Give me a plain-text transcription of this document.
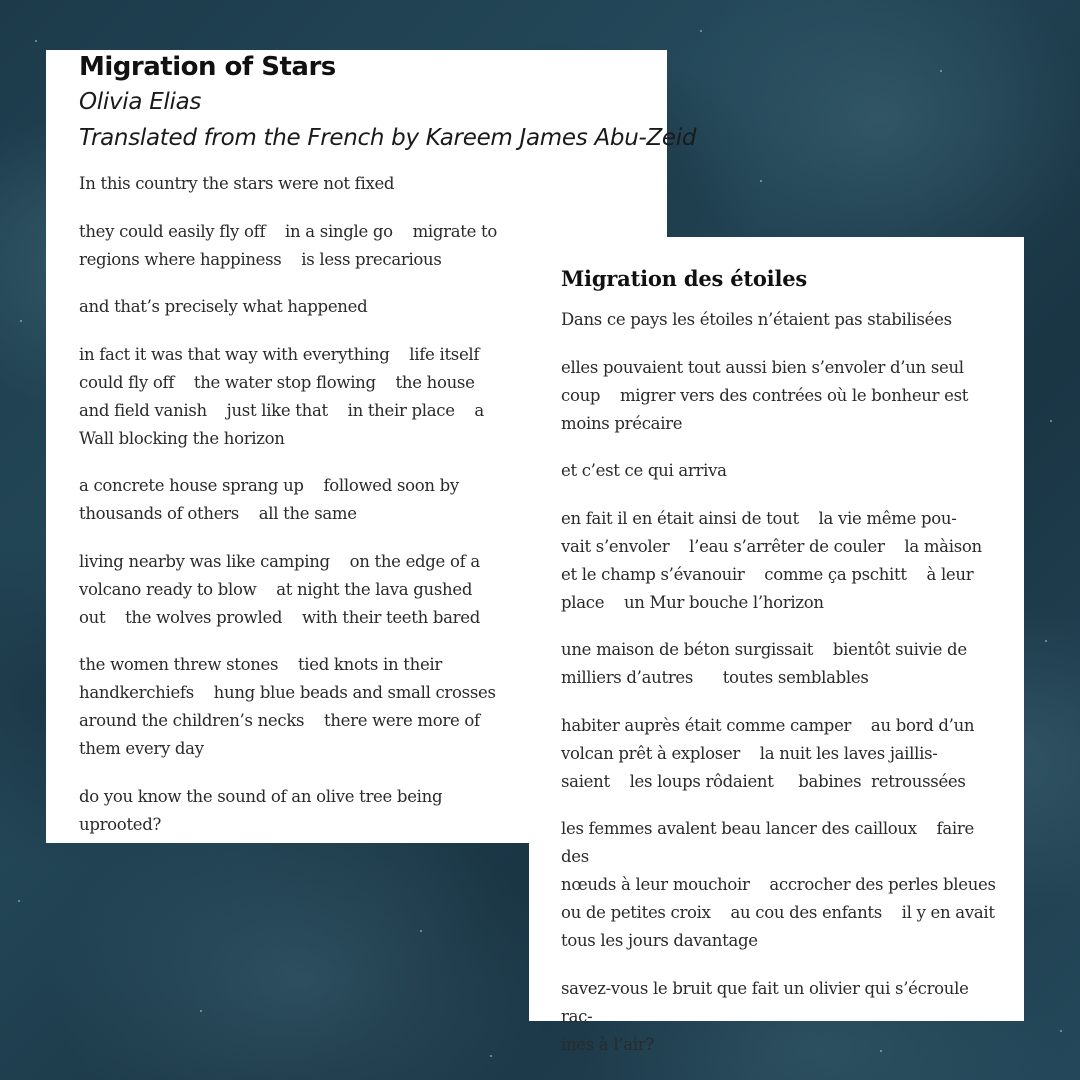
Migration of Stars

Olivia Elias

Translated from the French by Kareem James Abu-Zeid

In this country the stars were not fixed

they could easily fly off    in a single go    migrate to
regions where happiness    is less precarious

and that’s precisely what happened

in fact it was that way with everything    life itself
could fly off    the water stop flowing    the house
and field vanish    just like that    in their place    a
Wall blocking the horizon

a concrete house sprang up    followed soon by
thousands of others    all the same

living nearby was like camping    on the edge of a
volcano ready to blow    at night the lava gushed
out    the wolves prowled    with their teeth bared

the women threw stones    tied knots in their
handkerchiefs    hung blue beads and small crosses
around the children’s necks    there were more of
them every day

do you know the sound of an olive tree being
uprooted?

Migration des étoiles

Dans ce pays les étoiles n’étaient pas stabilisées

elles pouvaient tout aussi bien s’envoler d’un seul
coup    migrer vers des contrées où le bonheur est
moins précaire

et c’est ce qui arriva

en fait il en était ainsi de tout    la vie même pou-
vait s’envoler    l’eau s’arrêter de couler    la màison
et le champ s’évanouir    comme ça pschitt    à leur
place    un Mur bouche l’horizon

une maison de béton surgissait    bientôt suivie de
milliers d’autres      toutes semblables

habiter auprès était comme camper    au bord d’un
volcan prêt à exploser    la nuit les laves jaillis-
saient    les loups rôdaient     babines  retroussées

les femmes avalent beau lancer des cailloux    faire des
nœuds à leur mouchoir    accrocher des perles bleues
ou de petites croix    au cou des enfants    il y en avait
tous les jours davantage

savez-vous le bruit que fait un olivier qui s’écroule rac-
ines à l’air?
